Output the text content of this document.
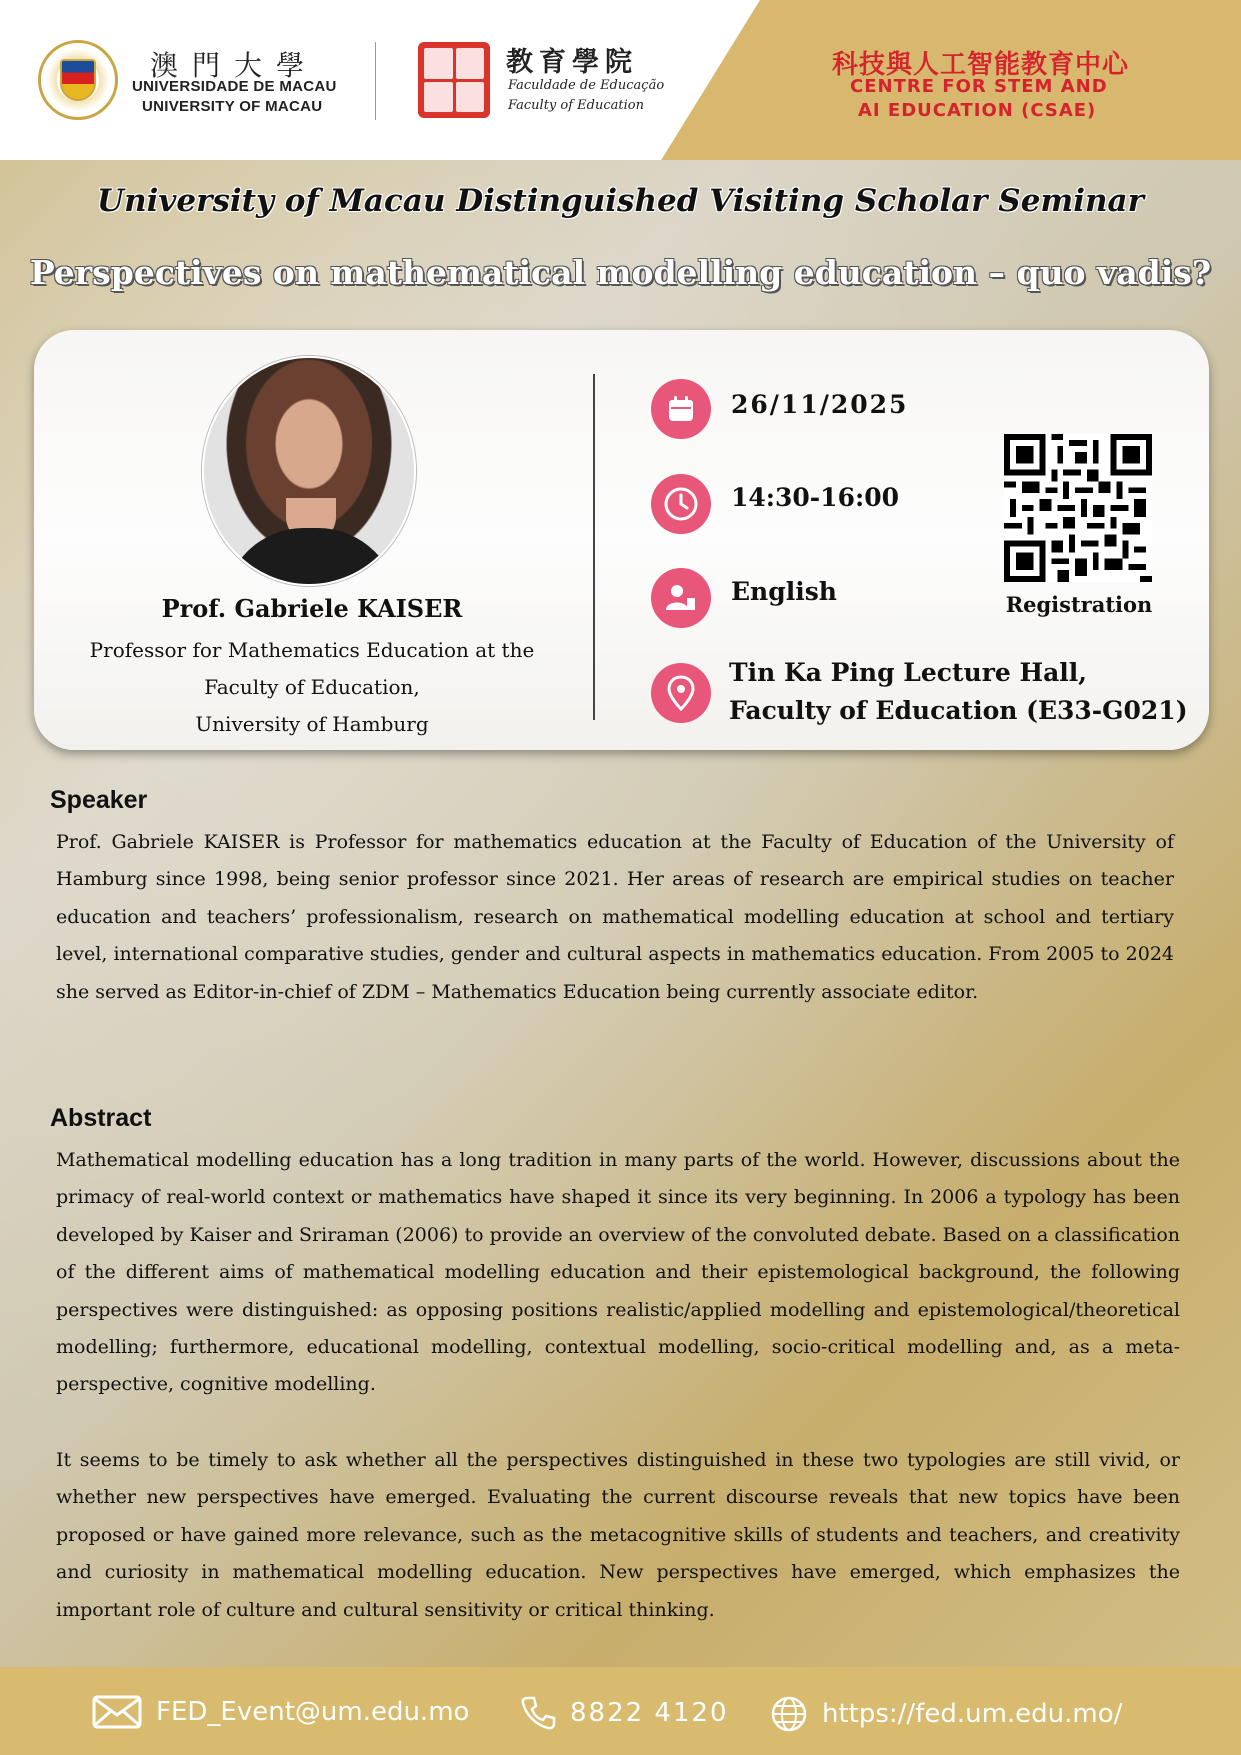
澳門大學
UNIVERSIDADE DE MACAU
UNIVERSITY OF MACAU
教育學院
Faculdade de Educação
Faculty of Education
科技與人工智能教育中心
CENTRE FOR STEM AND
AI EDUCATION (CSAE)
University of Macau Distinguished Visiting Scholar Seminar
Perspectives on mathematical modelling education – quo vadis?
Prof. Gabriele KAISER
Professor for Mathematics Education at the
Faculty of Education,
University of Hamburg
26/11/2025
14:30-16:00
English
Tin Ka Ping Lecture Hall,
Faculty of Education (E33-G021)
Registration
Speaker
Prof. Gabriele KAISER is Professor for mathematics education at the Faculty of Education of the University of Hamburg since 1998, being senior professor since 2021. Her areas of research are empirical studies on teacher education and teachers’ professionalism, research on mathematical modelling education at school and tertiary level, international comparative studies, gender and cultural aspects in mathematics education. From 2005 to 2024 she served as Editor-in-chief of ZDM – Mathematics Education being currently associate editor.
Abstract
Mathematical modelling education has a long tradition in many parts of the world. However, discussions about the primacy of real-world context or mathematics have shaped it since its very beginning. In 2006 a typology has been developed by Kaiser and Sriraman (2006) to provide an overview of the convoluted debate. Based on a classification of the different aims of mathematical modelling education and their epistemological background, the following perspectives were distinguished: as opposing positions realistic/applied modelling and epistemological/theoretical modelling; furthermore, educational modelling, contextual modelling, socio-critical modelling and, as a meta-perspective, cognitive modelling.
It seems to be timely to ask whether all the perspectives distinguished in these two typologies are still vivid, or whether new perspectives have emerged. Evaluating the current discourse reveals that new topics have been proposed or have gained more relevance, such as the metacognitive skills of students and teachers, and creativity and curiosity in mathematical modelling education. New perspectives have emerged, which emphasizes the important role of culture and cultural sensitivity or critical thinking.
FED_Event@um.edu.mo	8822 4120	https://fed.um.edu.mo/
